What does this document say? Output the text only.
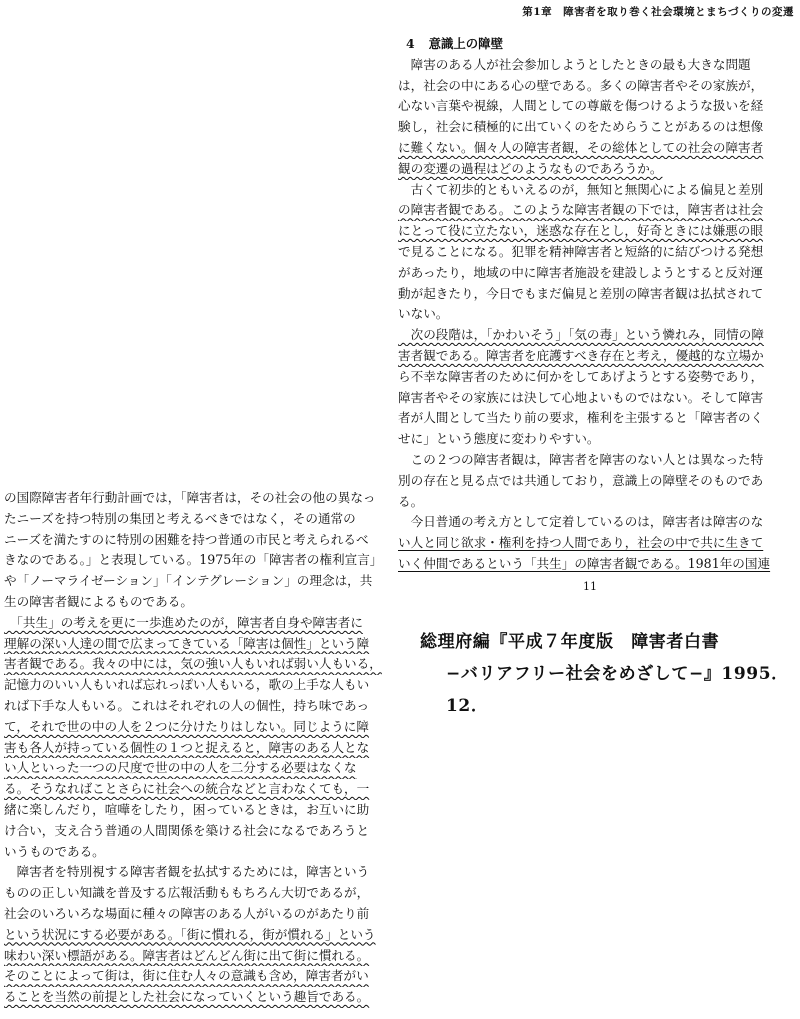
第1章　障害者を取り巻く社会環境とまちづくりの変遷
4 意識上の障壁
　障害のある人が社会参加しようとしたときの最も大きな問題
は，社会の中にある心の壁である。多くの障害者やその家族が，
心ない言葉や視線，人間としての尊厳を傷つけるような扱いを経
験し，社会に積極的に出ていくのをためらうことがあるのは想像
に難くない。個々人の障害者観，その総体としての社会の障害者
観の変遷の過程はどのようなものであろうか。
　古くて初歩的ともいえるのが，無知と無関心による偏見と差別
の障害者観である。このような障害者観の下では，障害者は社会
にとって役に立たない，迷惑な存在とし，好奇ときには嫌悪の眼
で見ることになる。犯罪を精神障害者と短絡的に結びつける発想
があったり，地域の中に障害者施設を建設しようとすると反対運
動が起きたり，今日でもまだ偏見と差別の障害者観は払拭されて
いない。
　次の段階は，「かわいそう」「気の毒」という憐れみ，同情の障
害者観である。障害者を庇護すべき存在と考え，優越的な立場か
ら不幸な障害者のために何かをしてあげようとする姿勢であり，
障害者やその家族には決して心地よいものではない。そして障害
者が人間として当たり前の要求，権利を主張すると「障害者のく
せに」という態度に変わりやすい。
　この２つの障害者観は，障害者を障害のない人とは異なった特
別の存在と見る点では共通しており，意識上の障壁そのものであ
る。
　今日普通の考え方として定着しているのは，障害者は障害のな
い人と同じ欲求・権利を持つ人間であり，社会の中で共に生きて
いく仲間であるという「共生」の障害者観である。1981年の国連
11
総理府編『平成７年度版　障害者白書
−バリアフリー社会をめざして−』1995．12．
の国際障害者年行動計画では，「障害者は，その社会の他の異なっ
たニーズを持つ特別の集団と考えるべきではなく，その通常の
ニーズを満たすのに特別の困難を持つ普通の市民と考えられるべ
きなのである。」と表現している。1975年の「障害者の権利宣言」
や「ノーマライゼーション」「インテグレーション」の理念は，共
生の障害者観によるものである。
　「共生」の考えを更に一歩進めたのが，障害者自身や障害者に
理解の深い人達の間で広まってきている「障害は個性」という障
害者観である。我々の中には，気の強い人もいれば弱い人もいる，
記憶力のいい人もいれば忘れっぽい人もいる，歌の上手な人もい
れば下手な人もいる。これはそれぞれの人の個性，持ち味であっ
て，それで世の中の人を２つに分けたりはしない。同じように障
害も各人が持っている個性の１つと捉えると，障害のある人とな
い人といった一つの尺度で世の中の人を二分する必要はなくな
る。そうなればことさらに社会への統合などと言わなくても，一
緒に楽しんだり，喧嘩をしたり，困っているときは，お互いに助
け合い，支え合う普通の人間関係を築ける社会になるであろうと
いうものである。
　障害者を特別視する障害者観を払拭するためには，障害という
ものの正しい知識を普及する広報活動ももちろん大切であるが，
社会のいろいろな場面に種々の障害のある人がいるのがあたり前
という状況にする必要がある。「街に慣れる，街が慣れる」という
味わい深い標語がある。障害者はどんどん街に出て街に慣れる。
そのことによって街は，街に住む人々の意識も含め，障害者がい
ることを当然の前提とした社会になっていくという趣旨である。
